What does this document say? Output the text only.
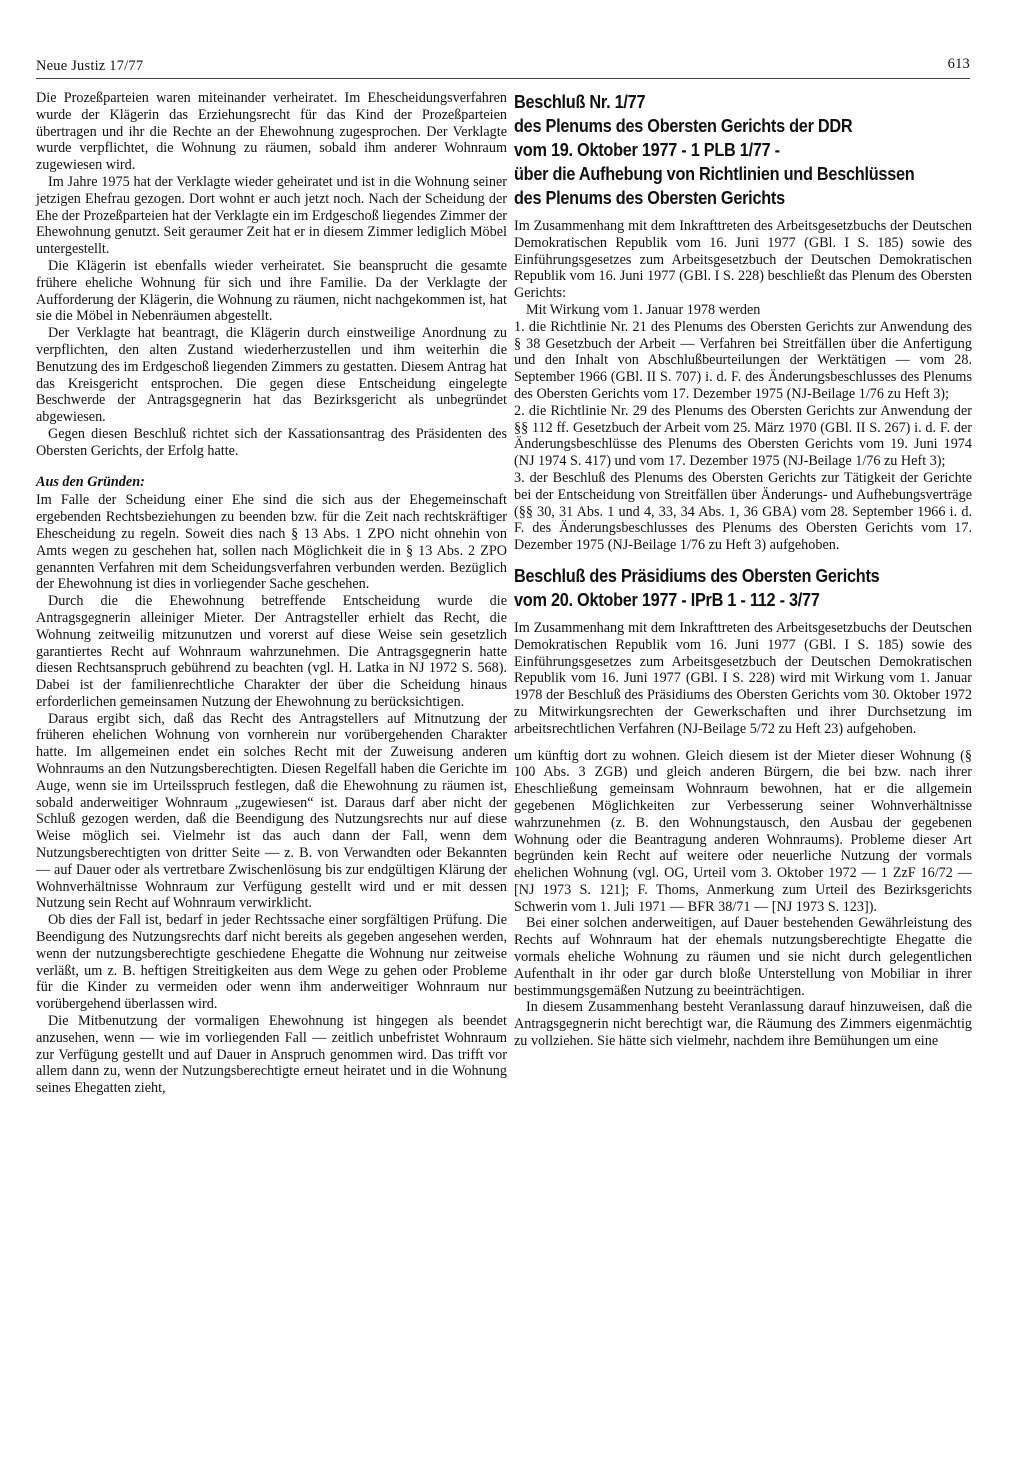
Neue Justiz 17/77	613

Die Prozeßparteien waren miteinander verheiratet. Im Ehescheidungsverfahren wurde der Klägerin das Erziehungsrecht für das Kind der Prozeßparteien übertragen und ihr die Rechte an der Ehewohnung zugesprochen. Der Verklagte wurde verpflichtet, die Wohnung zu räumen, sobald ihm anderer Wohnraum zugewiesen wird.

Im Jahre 1975 hat der Verklagte wieder geheiratet und ist in die Wohnung seiner jetzigen Ehefrau gezogen. Dort wohnt er auch jetzt noch. Nach der Scheidung der Ehe der Prozeßparteien hat der Verklagte ein im Erdgeschoß liegendes Zimmer der Ehewohnung genutzt. Seit geraumer Zeit hat er in diesem Zimmer lediglich Möbel untergestellt.

Die Klägerin ist ebenfalls wieder verheiratet. Sie beansprucht die gesamte frühere eheliche Wohnung für sich und ihre Familie. Da der Verklagte der Aufforderung der Klägerin, die Wohnung zu räumen, nicht nachgekommen ist, hat sie die Möbel in Nebenräumen abgestellt.

Der Verklagte hat beantragt, die Klägerin durch einstweilige Anordnung zu verpflichten, den alten Zustand wiederherzustellen und ihm weiterhin die Benutzung des im Erdgeschoß liegenden Zimmers zu gestatten. Diesem Antrag hat das Kreisgericht entsprochen. Die gegen diese Entscheidung eingelegte Beschwerde der Antragsgegnerin hat das Bezirksgericht als unbegründet abgewiesen.

Gegen diesen Beschluß richtet sich der Kassationsantrag des Präsidenten des Obersten Gerichts, der Erfolg hatte.

Aus den Gründen:

Im Falle der Scheidung einer Ehe sind die sich aus der Ehegemeinschaft ergebenden Rechtsbeziehungen zu beenden bzw. für die Zeit nach rechtskräftiger Ehescheidung zu regeln. Soweit dies nach § 13 Abs. 1 ZPO nicht ohnehin von Amts wegen zu geschehen hat, sollen nach Möglichkeit die in § 13 Abs. 2 ZPO genannten Verfahren mit dem Scheidungsverfahren verbunden werden. Bezüglich der Ehewohnung ist dies in vorliegender Sache geschehen.

Durch die die Ehewohnung betreffende Entscheidung wurde die Antragsgegnerin alleiniger Mieter. Der Antragsteller erhielt das Recht, die Wohnung zeitweilig mitzunutzen und vorerst auf diese Weise sein gesetzlich garantiertes Recht auf Wohnraum wahrzunehmen. Die Antragsgegnerin hatte diesen Rechtsanspruch gebührend zu beachten (vgl. H. Latka in NJ 1972 S. 568). Dabei ist der familienrechtliche Charakter der über die Scheidung hinaus erforderlichen gemeinsamen Nutzung der Ehewohnung zu berücksichtigen.

Daraus ergibt sich, daß das Recht des Antragstellers auf Mitnutzung der früheren ehelichen Wohnung von vornherein nur vorübergehenden Charakter hatte. Im allgemeinen endet ein solches Recht mit der Zuweisung anderen Wohnraums an den Nutzungsberechtigten. Diesen Regelfall haben die Gerichte im Auge, wenn sie im Urteilsspruch festlegen, daß die Ehewohnung zu räumen ist, sobald anderweitiger Wohnraum „zugewiesen“ ist. Daraus darf aber nicht der Schluß gezogen werden, daß die Beendigung des Nutzungsrechts nur auf diese Weise möglich sei. Vielmehr ist das auch dann der Fall, wenn dem Nutzungsberechtigten von dritter Seite — z. B. von Verwandten oder Bekannten — auf Dauer oder als vertretbare Zwischenlösung bis zur endgültigen Klärung der Wohnverhältnisse Wohnraum zur Verfügung gestellt wird und er mit dessen Nutzung sein Recht auf Wohnraum verwirklicht.

Ob dies der Fall ist, bedarf in jeder Rechtssache einer sorgfältigen Prüfung. Die Beendigung des Nutzungsrechts darf nicht bereits als gegeben angesehen werden, wenn der nutzungsberechtigte geschiedene Ehegatte die Wohnung nur zeitweise verläßt, um z. B. heftigen Streitigkeiten aus dem Wege zu gehen oder Probleme für die Kinder zu vermeiden oder wenn ihm anderweitiger Wohnraum nur vorübergehend überlassen wird.

Die Mitbenutzung der vormaligen Ehewohnung ist hingegen als beendet anzusehen, wenn — wie im vorliegenden Fall — zeitlich unbefristet Wohnraum zur Verfügung gestellt und auf Dauer in Anspruch genommen wird. Das trifft vor allem dann zu, wenn der Nutzungsberechtigte erneut heiratet und in die Wohnung seines Ehegatten zieht,

Beschluß Nr. 1/77
des Plenums des Obersten Gerichts der DDR
vom 19. Oktober 1977 - 1 PLB 1/77 -
über die Aufhebung von Richtlinien und Beschlüssen
des Plenums des Obersten Gerichts

Im Zusammenhang mit dem Inkrafttreten des Arbeitsgesetzbuchs der Deutschen Demokratischen Republik vom 16. Juni 1977 (GBl. I S. 185) sowie des Einführungsgesetzes zum Arbeitsgesetzbuch der Deutschen Demokratischen Republik vom 16. Juni 1977 (GBl. I S. 228) beschließt das Plenum des Obersten Gerichts:

Mit Wirkung vom 1. Januar 1978 werden

1. die Richtlinie Nr. 21 des Plenums des Obersten Gerichts zur Anwendung des § 38 Gesetzbuch der Arbeit — Verfahren bei Streitfällen über die Anfertigung und den Inhalt von Abschlußbeurteilungen der Werktätigen — vom 28. September 1966 (GBl. II S. 707) i. d. F. des Änderungsbeschlusses des Plenums des Obersten Gerichts vom 17. Dezember 1975 (NJ-Beilage 1/76 zu Heft 3);

2. die Richtlinie Nr. 29 des Plenums des Obersten Gerichts zur Anwendung der §§ 112 ff. Gesetzbuch der Arbeit vom 25. März 1970 (GBl. II S. 267) i. d. F. der Änderungsbeschlüsse des Plenums des Obersten Gerichts vom 19. Juni 1974 (NJ 1974 S. 417) und vom 17. Dezember 1975 (NJ-Beilage 1/76 zu Heft 3);

3. der Beschluß des Plenums des Obersten Gerichts zur Tätigkeit der Gerichte bei der Entscheidung von Streitfällen über Änderungs- und Aufhebungsverträge (§§ 30, 31 Abs. 1 und 4, 33, 34 Abs. 1, 36 GBA) vom 28. September 1966 i. d. F. des Änderungsbeschlusses des Plenums des Obersten Gerichts vom 17. Dezember 1975 (NJ-Beilage 1/76 zu Heft 3) aufgehoben.

Beschluß des Präsidiums des Obersten Gerichts
vom 20. Oktober 1977 - IPrB 1 - 112 - 3/77

Im Zusammenhang mit dem Inkrafttreten des Arbeitsgesetzbuchs der Deutschen Demokratischen Republik vom 16. Juni 1977 (GBl. I S. 185) sowie des Einführungsgesetzes zum Arbeitsgesetzbuch der Deutschen Demokratischen Republik vom 16. Juni 1977 (GBl. I S. 228) wird mit Wirkung vom 1. Januar 1978 der Beschluß des Präsidiums des Obersten Gerichts vom 30. Oktober 1972 zu Mitwirkungsrechten der Gewerkschaften und ihrer Durchsetzung im arbeitsrechtlichen Verfahren (NJ-Beilage 5/72 zu Heft 23) aufgehoben.

um künftig dort zu wohnen. Gleich diesem ist der Mieter dieser Wohnung (§ 100 Abs. 3 ZGB) und gleich anderen Bürgern, die bei bzw. nach ihrer Eheschließung gemeinsam Wohnraum bewohnen, hat er die allgemein gegebenen Möglichkeiten zur Verbesserung seiner Wohnverhältnisse wahrzunehmen (z. B. den Wohnungstausch, den Ausbau der gegebenen Wohnung oder die Beantragung anderen Wohnraums). Probleme dieser Art begründen kein Recht auf weitere oder neuerliche Nutzung der vormals ehelichen Wohnung (vgl. OG, Urteil vom 3. Oktober 1972 — 1 ZzF 16/72 — [NJ 1973 S. 121]; F. Thoms, Anmerkung zum Urteil des Bezirksgerichts Schwerin vom 1. Juli 1971 — BFR 38/71 — [NJ 1973 S. 123]).

Bei einer solchen anderweitigen, auf Dauer bestehenden Gewährleistung des Rechts auf Wohnraum hat der ehemals nutzungsberechtigte Ehegatte die vormals eheliche Wohnung zu räumen und sie nicht durch gelegentlichen Aufenthalt in ihr oder gar durch bloße Unterstellung von Mobiliar in ihrer bestimmungsgemäßen Nutzung zu beeinträchtigen.

In diesem Zusammenhang besteht Veranlassung darauf hinzuweisen, daß die Antragsgegnerin nicht berechtigt war, die Räumung des Zimmers eigenmächtig zu vollziehen. Sie hätte sich vielmehr, nachdem ihre Bemühungen um eine
